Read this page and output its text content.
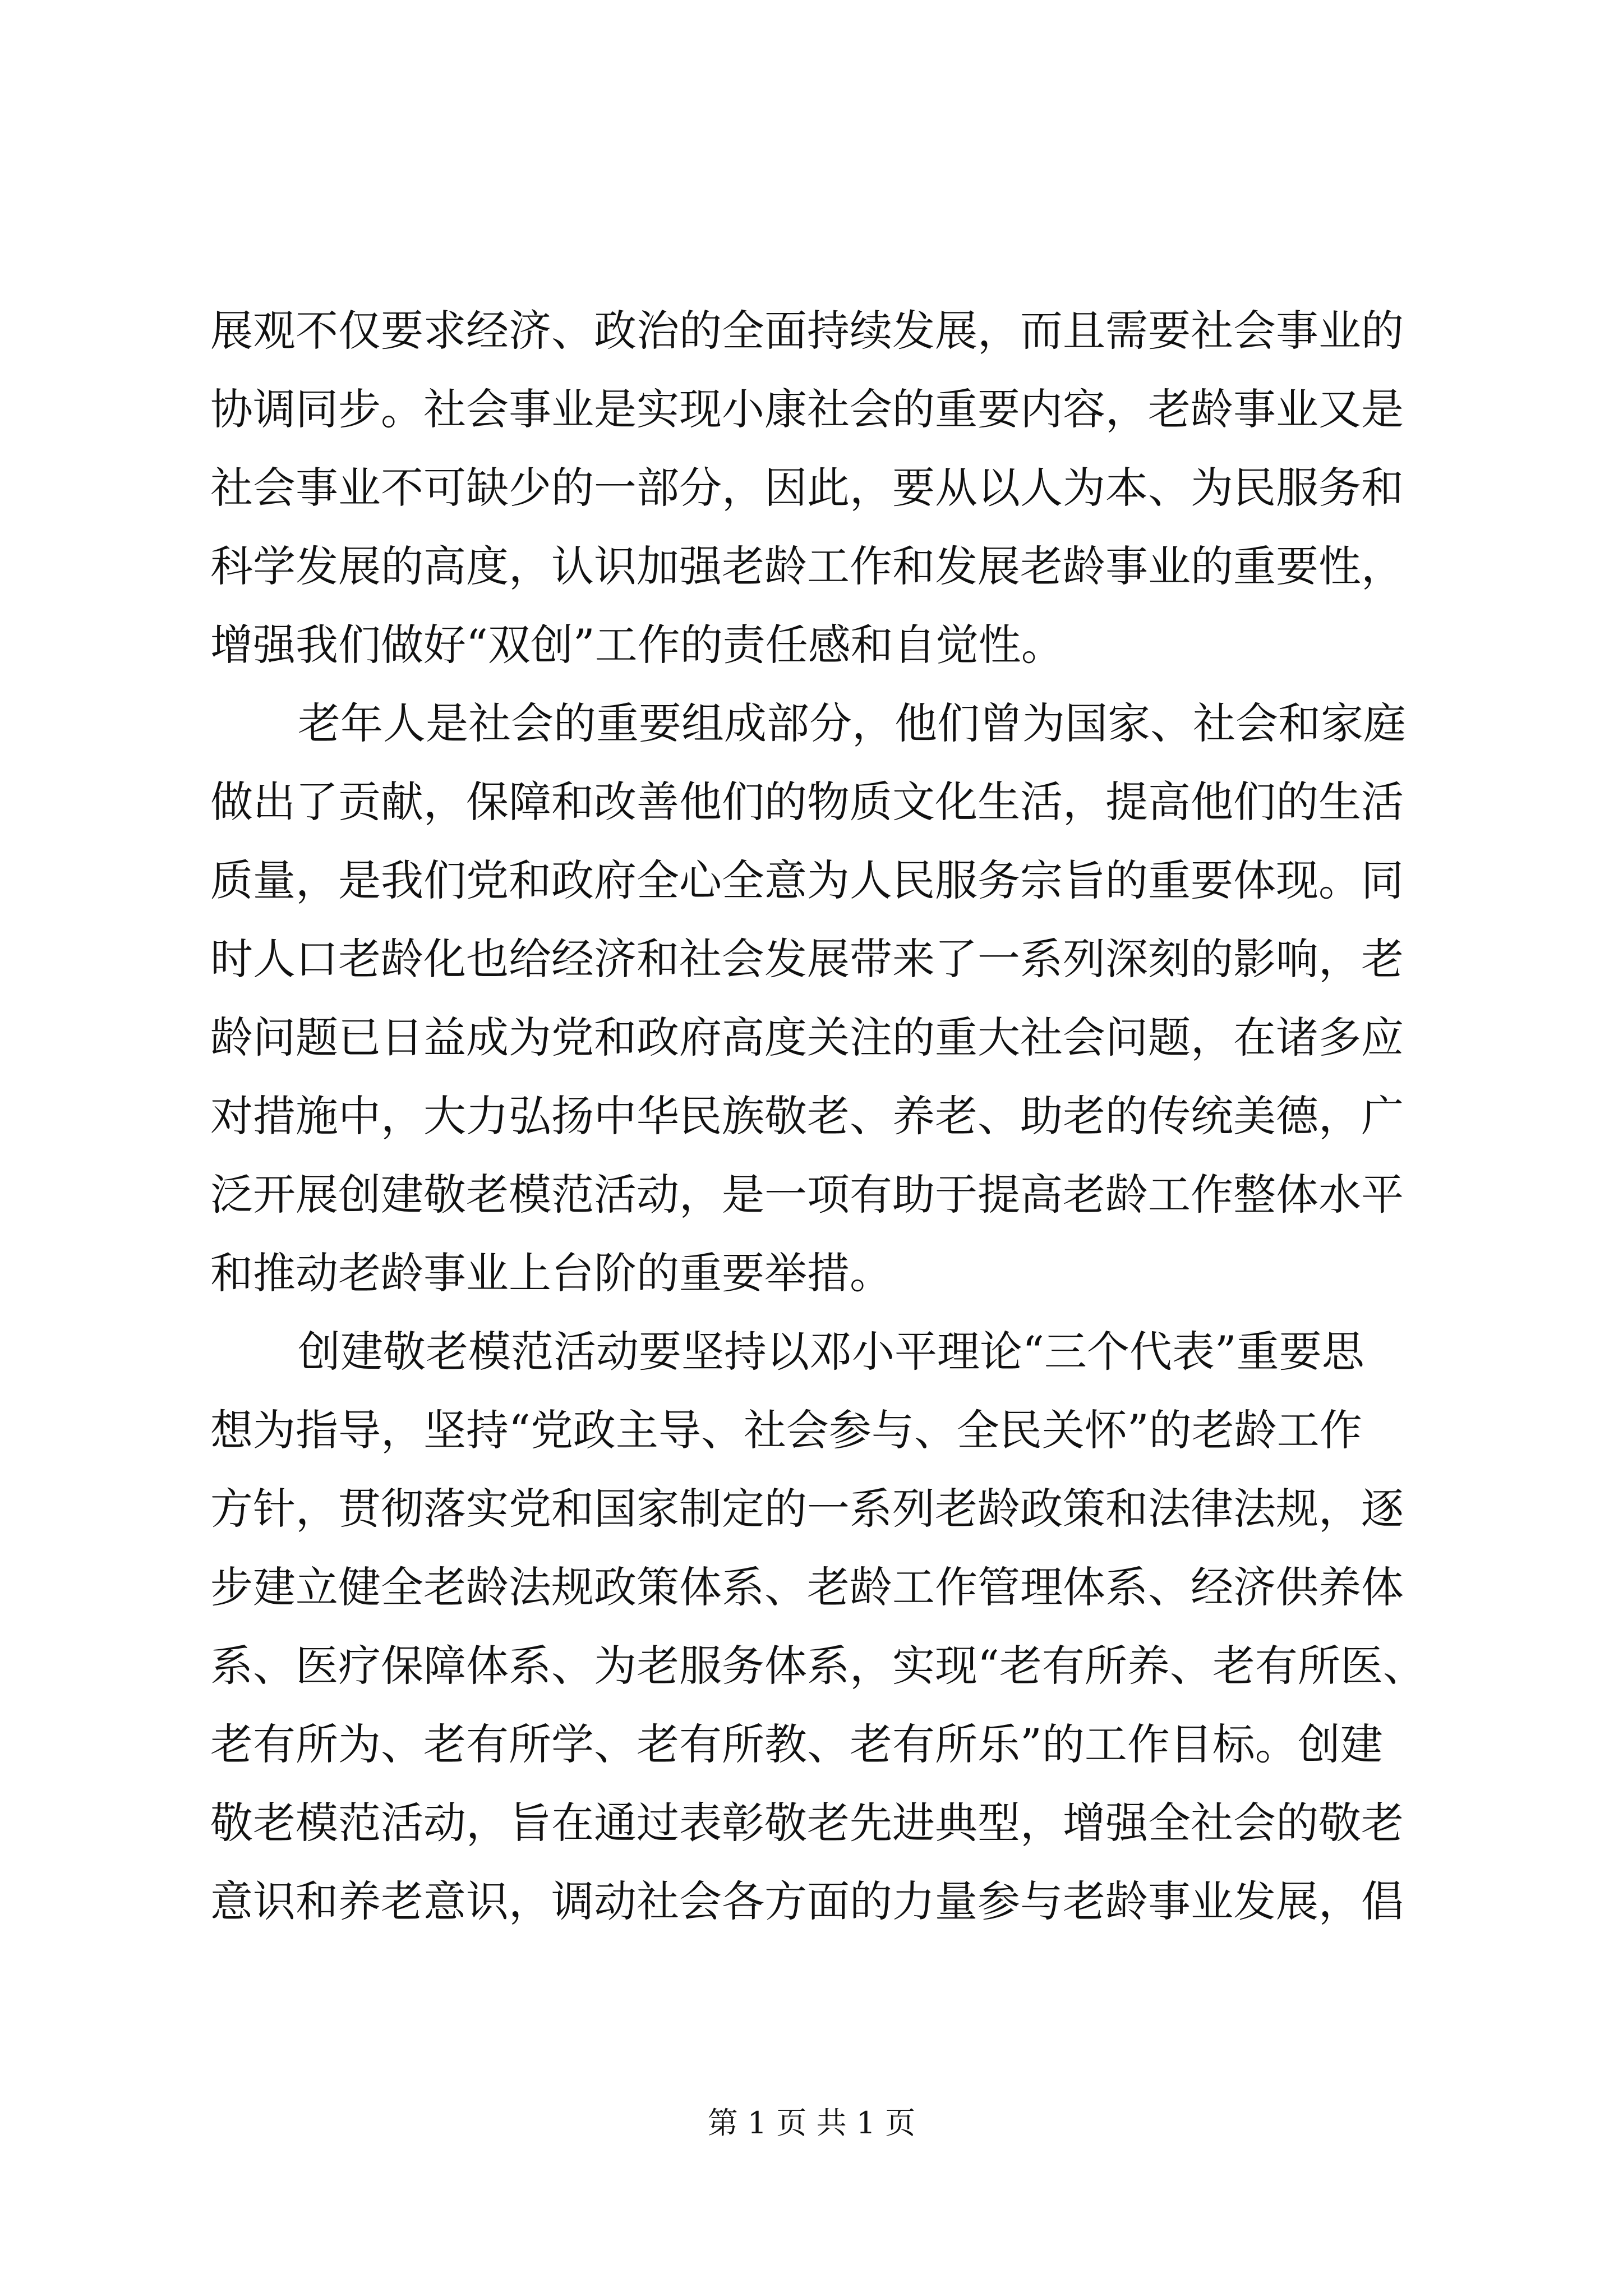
展观不仅要求经济、政治的全面持续发展，而且需要社会事业的
协调同步。社会事业是实现小康社会的重要内容，老龄事业又是
社会事业不可缺少的一部分，因此，要从以人为本、为民服务和
科学发展的高度，认识加强老龄工作和发展老龄事业的重要性，
增强我们做好“双创”工作的责任感和自觉性。
老年人是社会的重要组成部分，他们曾为国家、社会和家庭
做出了贡献，保障和改善他们的物质文化生活，提高他们的生活
质量，是我们党和政府全心全意为人民服务宗旨的重要体现。同
时人口老龄化也给经济和社会发展带来了一系列深刻的影响，老
龄问题已日益成为党和政府高度关注的重大社会问题，在诸多应
对措施中，大力弘扬中华民族敬老、养老、助老的传统美德，广
泛开展创建敬老模范活动，是一项有助于提高老龄工作整体水平
和推动老龄事业上台阶的重要举措。
创建敬老模范活动要坚持以邓小平理论“三个代表”重要思
想为指导，坚持“党政主导、社会参与、全民关怀”的老龄工作
方针，贯彻落实党和国家制定的一系列老龄政策和法律法规，逐
步建立健全老龄法规政策体系、老龄工作管理体系、经济供养体
系、医疗保障体系、为老服务体系，实现“老有所养、老有所医、
老有所为、老有所学、老有所教、老有所乐”的工作目标。创建
敬老模范活动，旨在通过表彰敬老先进典型，增强全社会的敬老
意识和养老意识，调动社会各方面的力量参与老龄事业发展，倡
第 1 页 共 1 页
